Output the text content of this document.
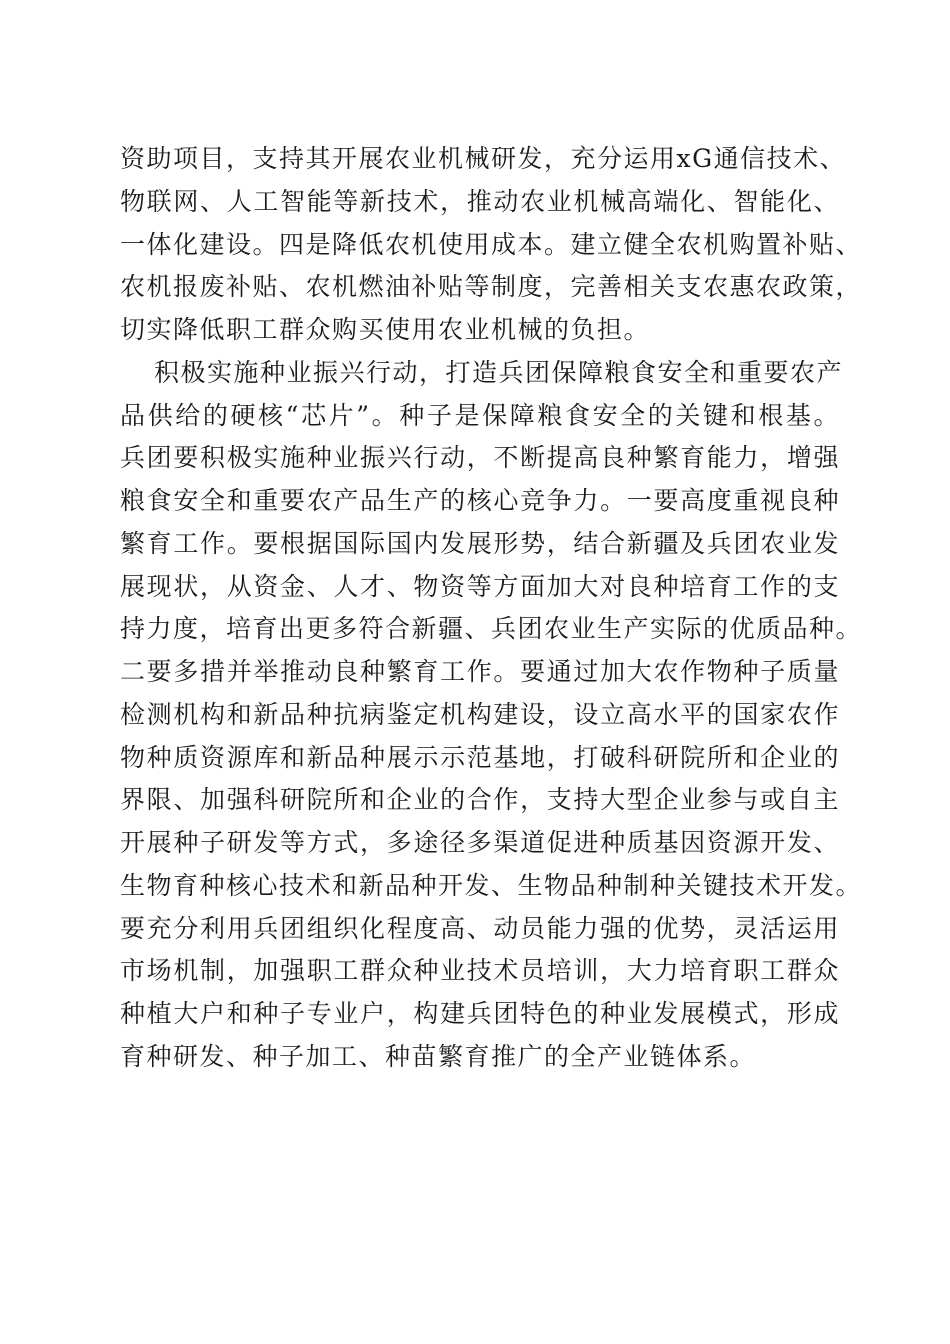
资助项目，支持其开展农业机械研发，充分运用xG通信技术、
物联网、人工智能等新技术，推动农业机械高端化、智能化、
一体化建设。四是降低农机使用成本。建立健全农机购置补贴、
农机报废补贴、农机燃油补贴等制度，完善相关支农惠农政策，
切实降低职工群众购买使用农业机械的负担。
积极实施种业振兴行动，打造兵团保障粮食安全和重要农产
品供给的硬核“芯片”。种子是保障粮食安全的关键和根基。
兵团要积极实施种业振兴行动，不断提高良种繁育能力，增强
粮食安全和重要农产品生产的核心竞争力。一要高度重视良种
繁育工作。要根据国际国内发展形势，结合新疆及兵团农业发
展现状，从资金、人才、物资等方面加大对良种培育工作的支
持力度，培育出更多符合新疆、兵团农业生产实际的优质品种。
二要多措并举推动良种繁育工作。要通过加大农作物种子质量
检测机构和新品种抗病鉴定机构建设，设立高水平的国家农作
物种质资源库和新品种展示示范基地，打破科研院所和企业的
界限、加强科研院所和企业的合作，支持大型企业参与或自主
开展种子研发等方式，多途径多渠道促进种质基因资源开发、
生物育种核心技术和新品种开发、生物品种制种关键技术开发。
要充分利用兵团组织化程度高、动员能力强的优势，灵活运用
市场机制，加强职工群众种业技术员培训，大力培育职工群众
种植大户和种子专业户，构建兵团特色的种业发展模式，形成
育种研发、种子加工、种苗繁育推广的全产业链体系。
